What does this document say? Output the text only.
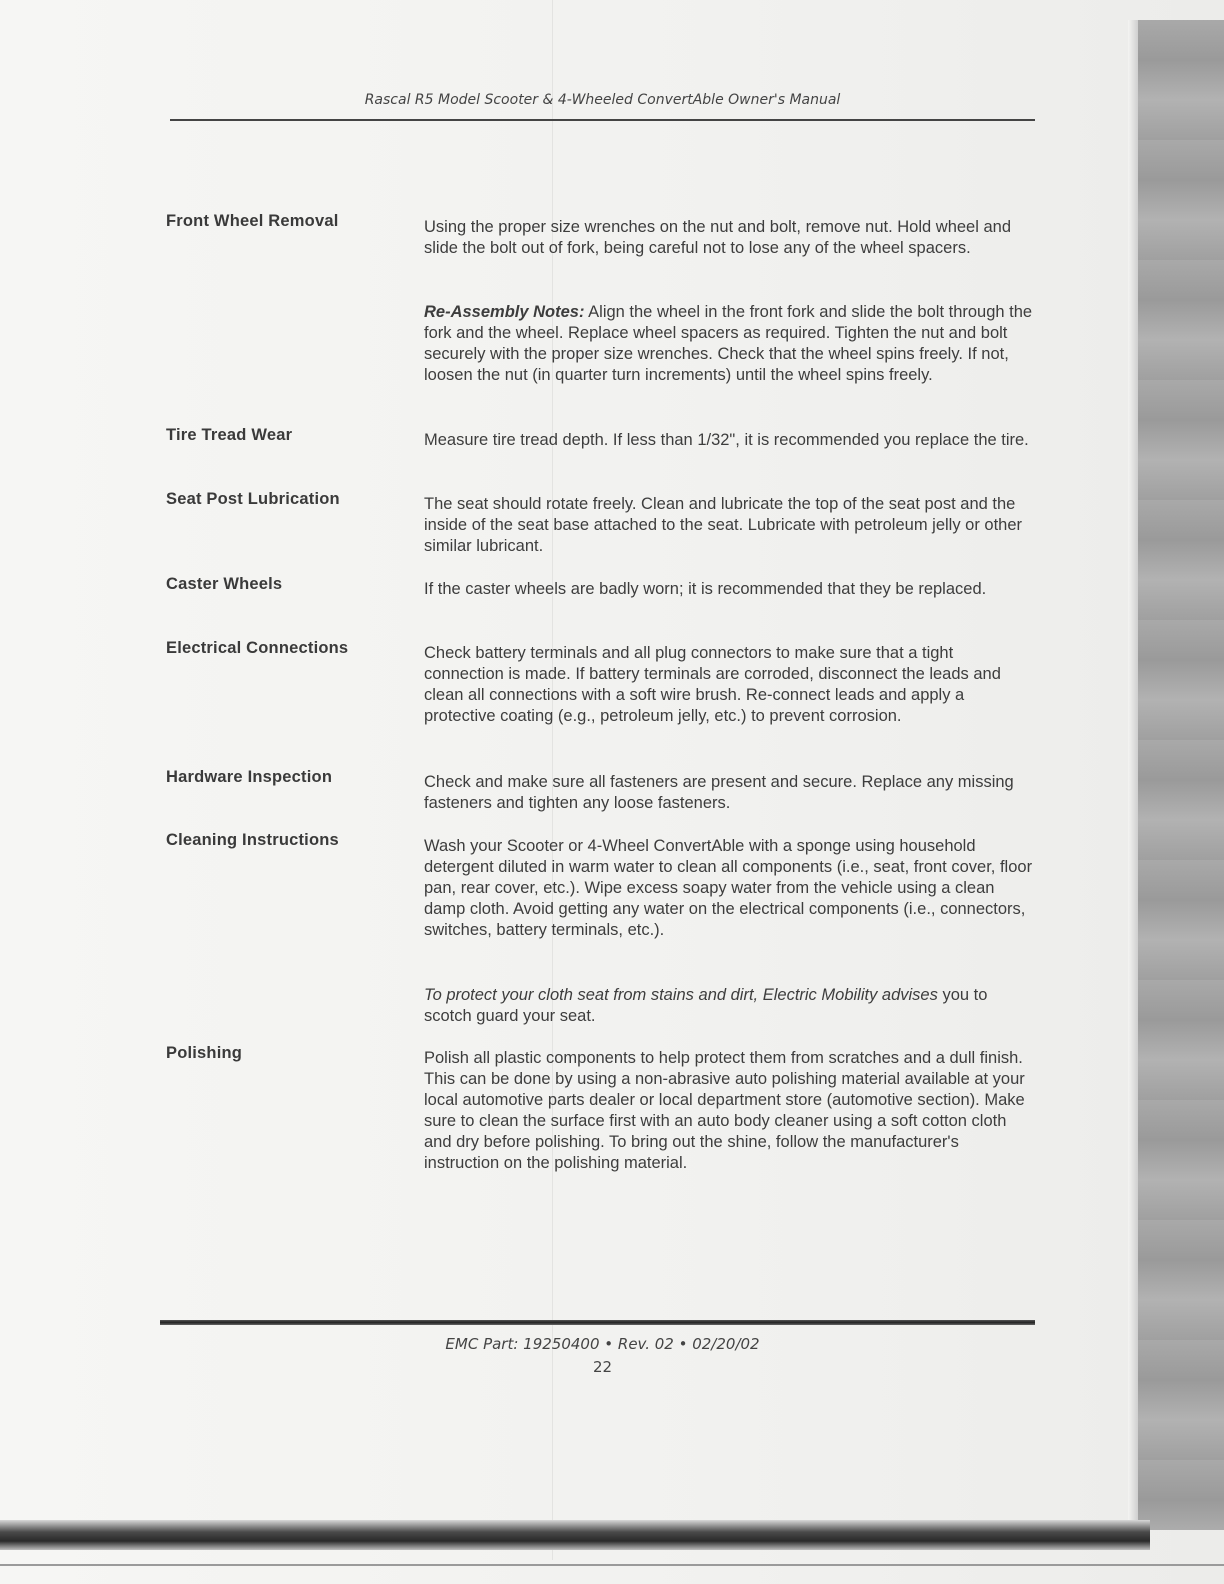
Rascal R5 Model Scooter & 4-Wheeled ConvertAble Owner's Manual
Front Wheel Removal	Using the proper size wrenches on the nut and bolt, remove nut. Hold wheel and slide the bolt out of fork, being careful not to lose any of the wheel spacers.
Re-Assembly Notes: Align the wheel in the front fork and slide the bolt through the fork and the wheel. Replace wheel spacers as required. Tighten the nut and bolt securely with the proper size wrenches. Check that the wheel spins freely. If not, loosen the nut (in quarter turn increments) until the wheel spins freely.
Tire Tread Wear	Measure tire tread depth. If less than 1/32", it is recommended you replace the tire.
Seat Post Lubrication	The seat should rotate freely. Clean and lubricate the top of the seat post and the inside of the seat base attached to the seat. Lubricate with petroleum jelly or other similar lubricant.
Caster Wheels	If the caster wheels are badly worn; it is recommended that they be replaced.
Electrical Connections	Check battery terminals and all plug connectors to make sure that a tight connection is made. If battery terminals are corroded, disconnect the leads and clean all connections with a soft wire brush. Re-connect leads and apply a protective coating (e.g., petroleum jelly, etc.) to prevent corrosion.
Hardware Inspection	Check and make sure all fasteners are present and secure. Replace any missing fasteners and tighten any loose fasteners.
Cleaning Instructions	Wash your Scooter or 4-Wheel ConvertAble with a sponge using household detergent diluted in warm water to clean all components (i.e., seat, front cover, floor pan, rear cover, etc.). Wipe excess soapy water from the vehicle using a clean damp cloth. Avoid getting any water on the electrical components (i.e., connectors, switches, battery terminals, etc.).
To protect your cloth seat from stains and dirt, Electric Mobility advises you to scotch guard your seat.
Polishing	Polish all plastic components to help protect them from scratches and a dull finish. This can be done by using a non-abrasive auto polishing material available at your local automotive parts dealer or local department store (automotive section). Make sure to clean the surface first with an auto body cleaner using a soft cotton cloth and dry before polishing. To bring out the shine, follow the manufacturer's instruction on the polishing material.
EMC Part: 19250400 • Rev. 02 • 02/20/02
22
